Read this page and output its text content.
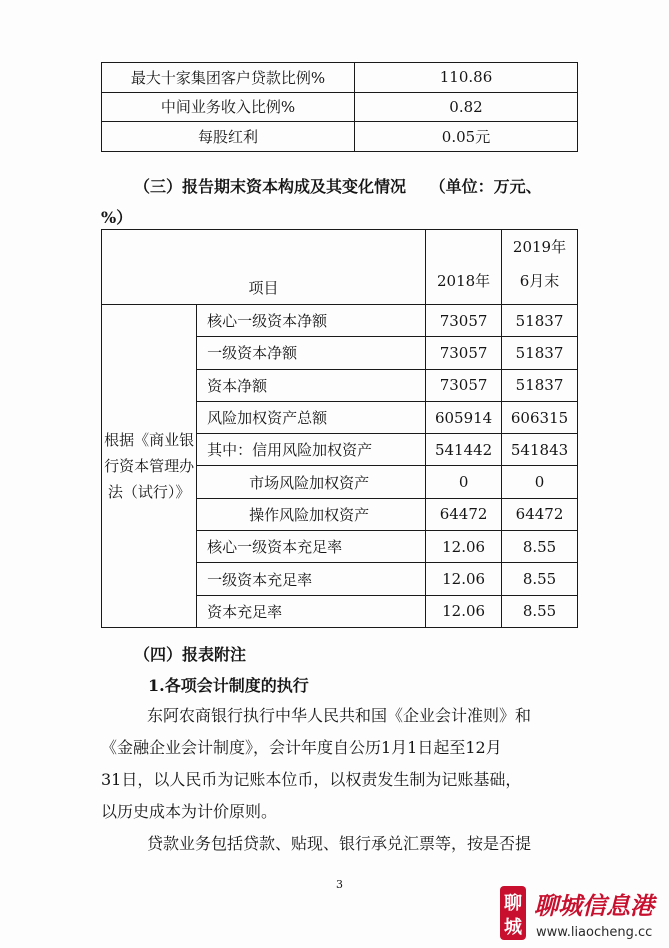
最大十家集团客户贷款比例%	110.86
中间业务收入比例%	0.82
每股红利	0.05元
（三）报告期末资本构成及其变化情况 （单位：万元、
%）
项目		2018年	2019年
6月末

根据《商业银行资本管理办法（试行）》	核心一级资本净额	73057	51837
	一级资本净额	73057	51837
	资本净额	73057	51837
	风险加权资产总额	605914	606315
	其中：信用风险加权资产	541442	541843
	市场风险加权资产	0	0
	操作风险加权资产	64472	64472
	核心一级资本充足率	12.06	8.55
	一级资本充足率	12.06	8.55
	资本充足率	12.06	8.55
（四）报表附注
1.各项会计制度的执行
东阿农商银行执行中华人民共和国《企业会计准则》和
《金融企业会计制度》，会计年度自公历1月1日起至12月
31日，以人民币为记账本位币，以权责发生制为记账基础，
以历史成本为计价原则。
贷款业务包括贷款、贴现、银行承兑汇票等，按是否提
3
聊
城
聊城信息港
www.liaocheng.cc
